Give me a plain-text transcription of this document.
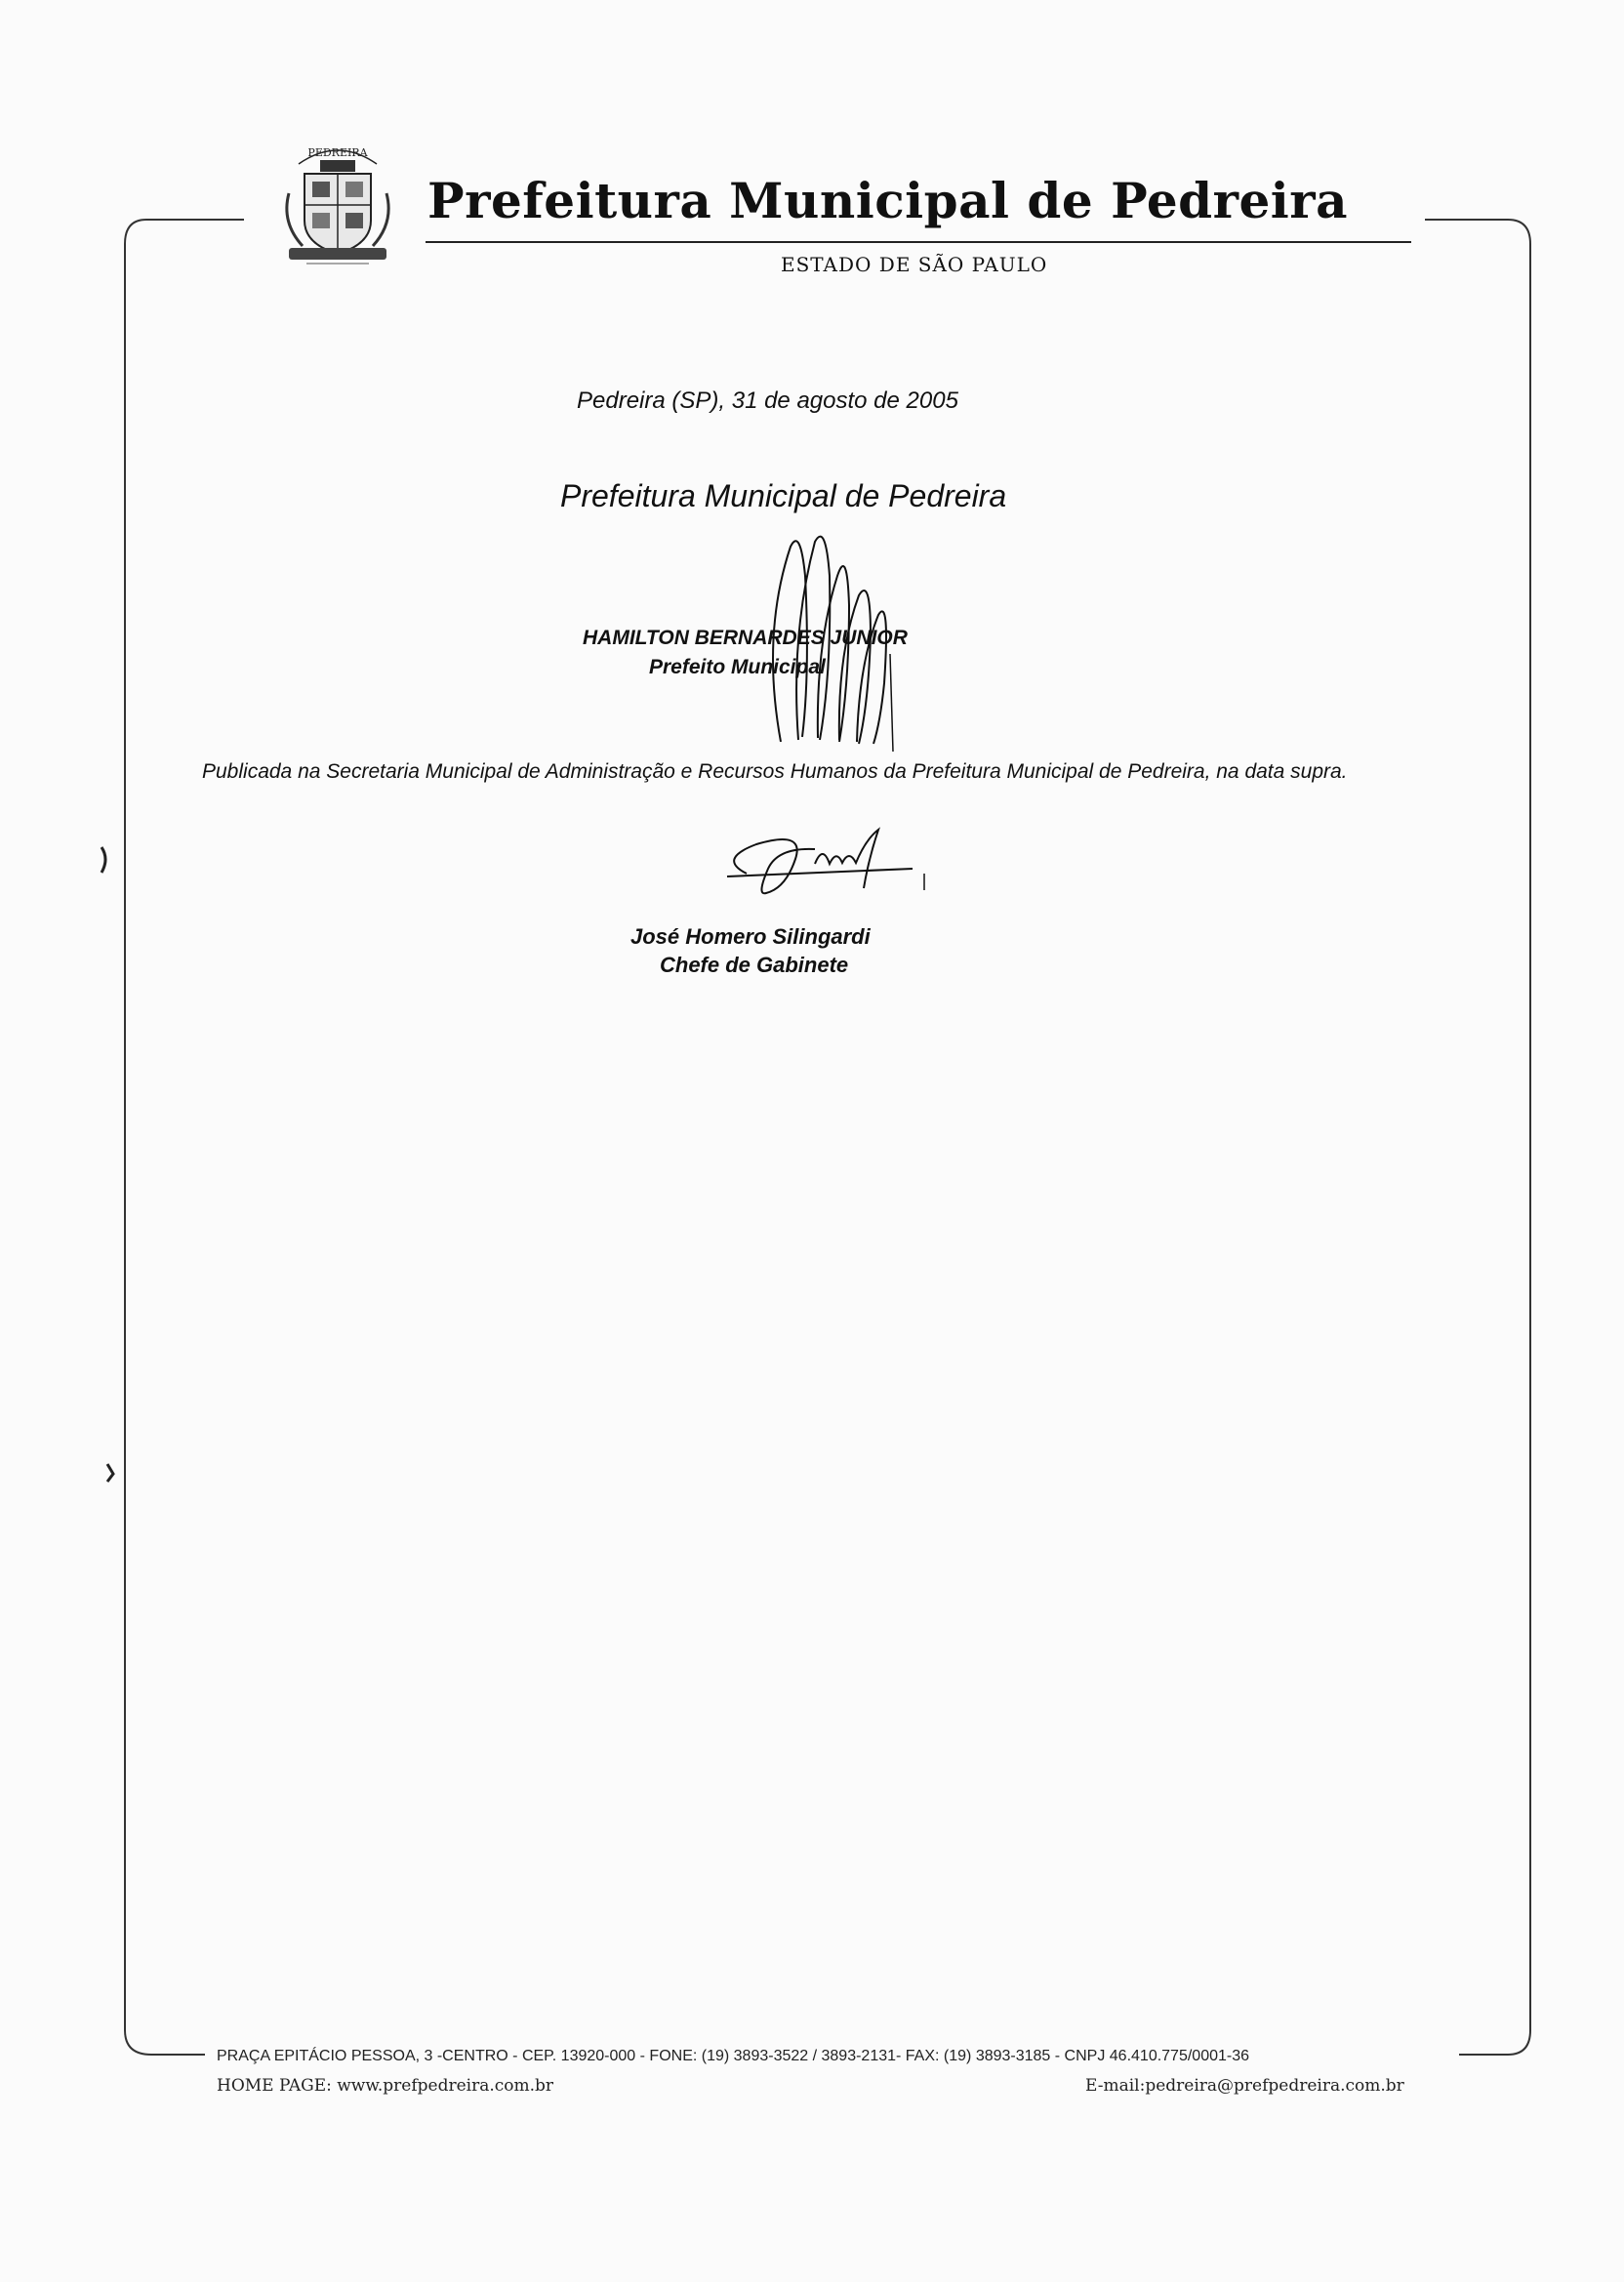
PEDREIRA
Prefeitura Municipal de Pedreira
ESTADO DE SÃO PAULO
Pedreira (SP), 31 de agosto de 2005
Prefeitura Municipal de Pedreira
HAMILTON BERNARDES JUNIOR
Prefeito Municipal
Publicada na Secretaria Municipal de Administração e Recursos Humanos da Prefeitura Municipal de Pedreira, na data supra.
José Homero Silingardi
Chefe de Gabinete
PRAÇA EPITÁCIO PESSOA, 3 -CENTRO - CEP. 13920-000 - FONE: (19) 3893-3522 / 3893-2131- FAX: (19) 3893-3185 - CNPJ 46.410.775/0001-36
HOME PAGE: www.prefpedreira.com.br	E-mail:pedreira@prefpedreira.com.br
